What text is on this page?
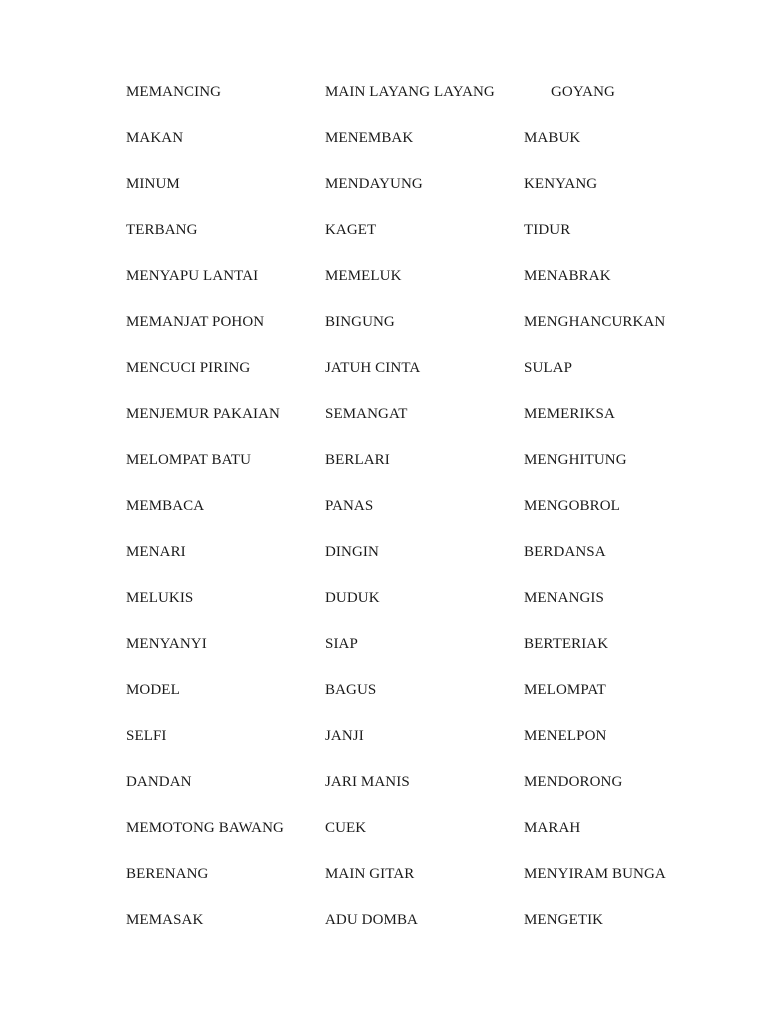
MEMANCING	MAIN LAYANG LAYANG	GOYANG
MAKAN	MENEMBAK	MABUK
MINUM	MENDAYUNG	KENYANG
TERBANG	KAGET	TIDUR
MENYAPU LANTAI	MEMELUK	MENABRAK
MEMANJAT POHON	BINGUNG	MENGHANCURKAN
MENCUCI PIRING	JATUH CINTA	SULAP
MENJEMUR PAKAIAN	SEMANGAT	MEMERIKSA
MELOMPAT BATU	BERLARI	MENGHITUNG
MEMBACA	PANAS	MENGOBROL
MENARI	DINGIN	BERDANSA
MELUKIS	DUDUK	MENANGIS
MENYANYI	SIAP	BERTERIAK
MODEL	BAGUS	MELOMPAT
SELFI	JANJI	MENELPON
DANDAN	JARI MANIS	MENDORONG
MEMOTONG BAWANG	CUEK	MARAH
BERENANG	MAIN GITAR	MENYIRAM BUNGA
MEMASAK	ADU DOMBA	MENGETIK
